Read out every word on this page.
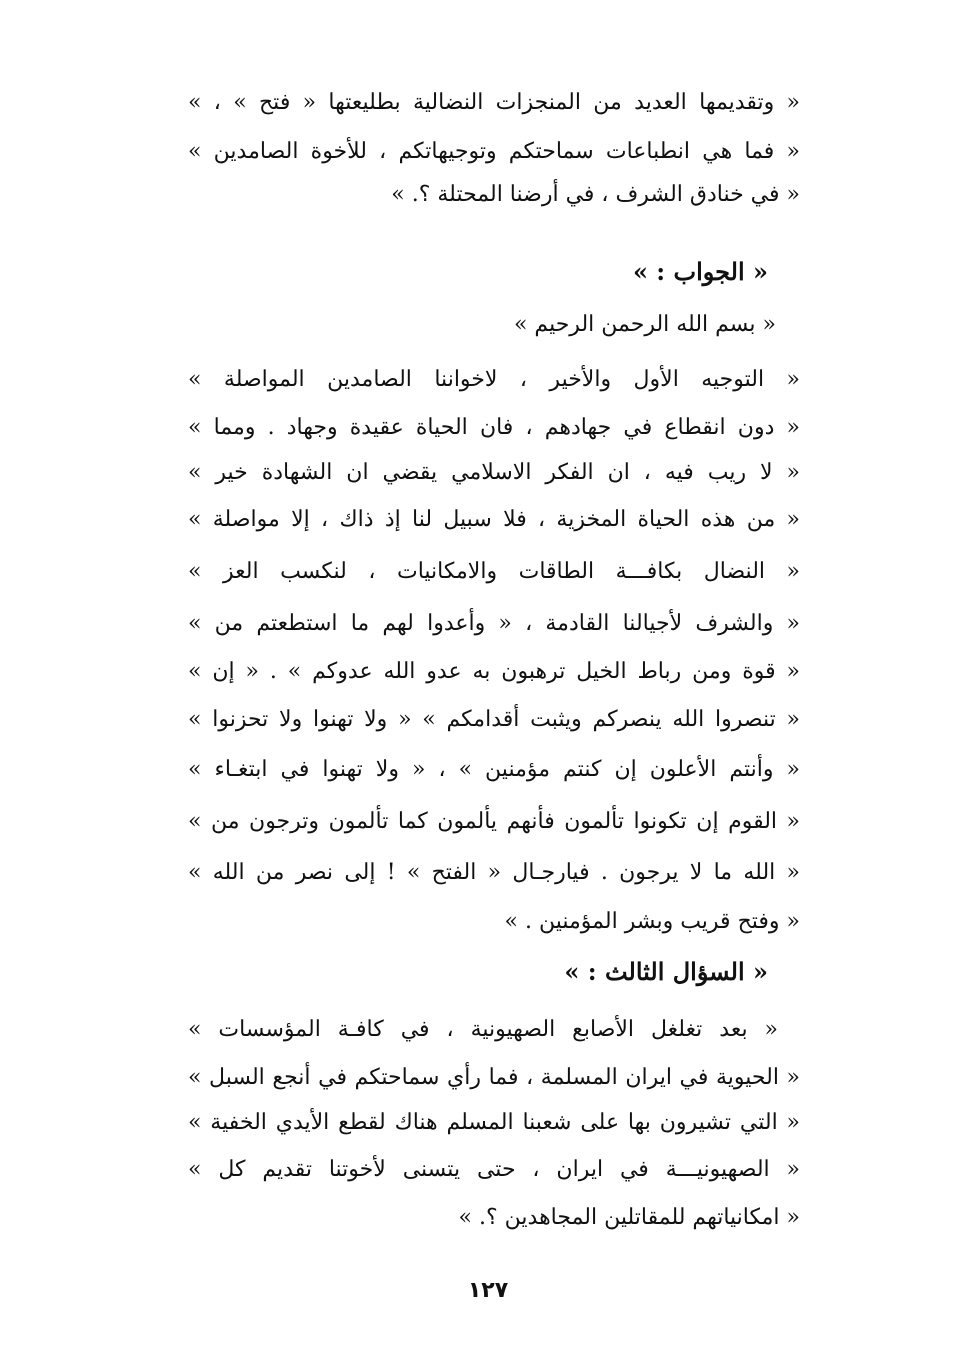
« وتقديمها العديد من المنجزات النضالية بطليعتها « فتح » ، »
« فما هي انطباعات سماحتكم وتوجيهاتكم ، للأخوة الصامدين »
« في خنادق الشرف ، في أرضنا المحتلة ؟. »
« الجواب : »
« بسم الله الرحمن الرحيم »
« التوجيه الأول والأخير ، لاخواننا الصامدين المواصلة »
« دون انقطاع في جهادهم ، فان الحياة عقيدة وجهاد . ومما »
« لا ريب فيه ، ان الفكر الاسلامي يقضي ان الشهادة خير »
« من هذه الحياة المخزية ، فلا سبيل لنا إذ ذاك ، إلا مواصلة »
« النضال بكافـــة الطاقات والامكانيات ، لنكسب العز »
« والشرف لأجيالنا القادمة ، « وأعدوا لهم ما استطعتم من »
« قوة ومن رباط الخيل ترهبون به عدو الله عدوكم » . « إن »
« تنصروا الله ينصركم ويثبت أقدامكم » « ولا تهنوا ولا تحزنوا »
« وأنتم الأعلون إن كنتم مؤمنين » ، « ولا تهنوا في ابتغـاء »
« القوم إن تكونوا تألمون فأنهم يألمون كما تألمون وترجون من »
« الله ما لا يرجون . فيارجـال « الفتح » ! إلى نصر من الله »
« وفتح قريب وبشر المؤمنين . »
« السؤال الثالث : »
« بعد تغلغل الأصابع الصهيونية ، في كافـة المؤسسات »
« الحيوية في ايران المسلمة ، فما رأي سماحتكم في أنجع السبل »
« التي تشيرون بها على شعبنا المسلم هناك لقطع الأيدي الخفية »
« الصهيونيـــة في ايران ، حتى يتسنى لأخوتنا تقديم كل »
« امكانياتهم للمقاتلين المجاهدين ؟. »
١٢٧
